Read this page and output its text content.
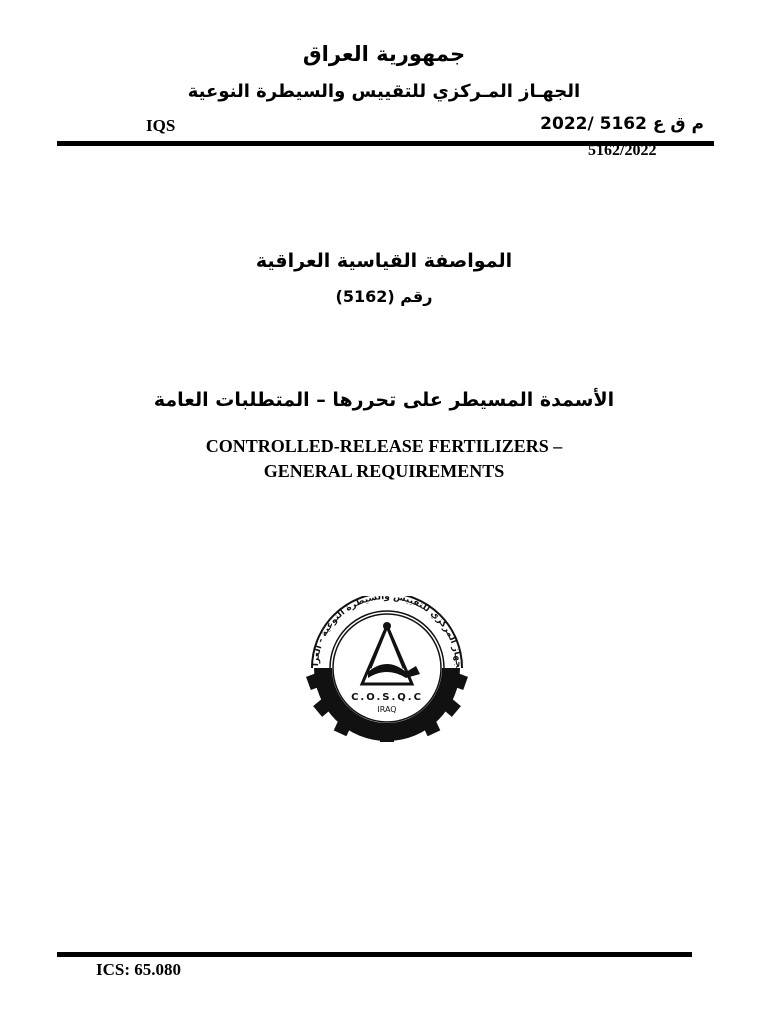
جمهورية العراق
الجهـاز المـركزي للتقييس والسيطرة النوعية
IQS	م ق ع 5162 /2022
5162/2022
المواصفة القياسية العراقية
رقم (5162)
الأسمدة المسيطر على تحررها – المتطلبات العامة
CONTROLLED-RELEASE FERTILIZERS –
GENERAL REQUIREMENTS
جهاز المركزي للتقييس والسيطرة النوعية - العرا
C.O.S.Q.C
IRAQ
ICS: 65.080
